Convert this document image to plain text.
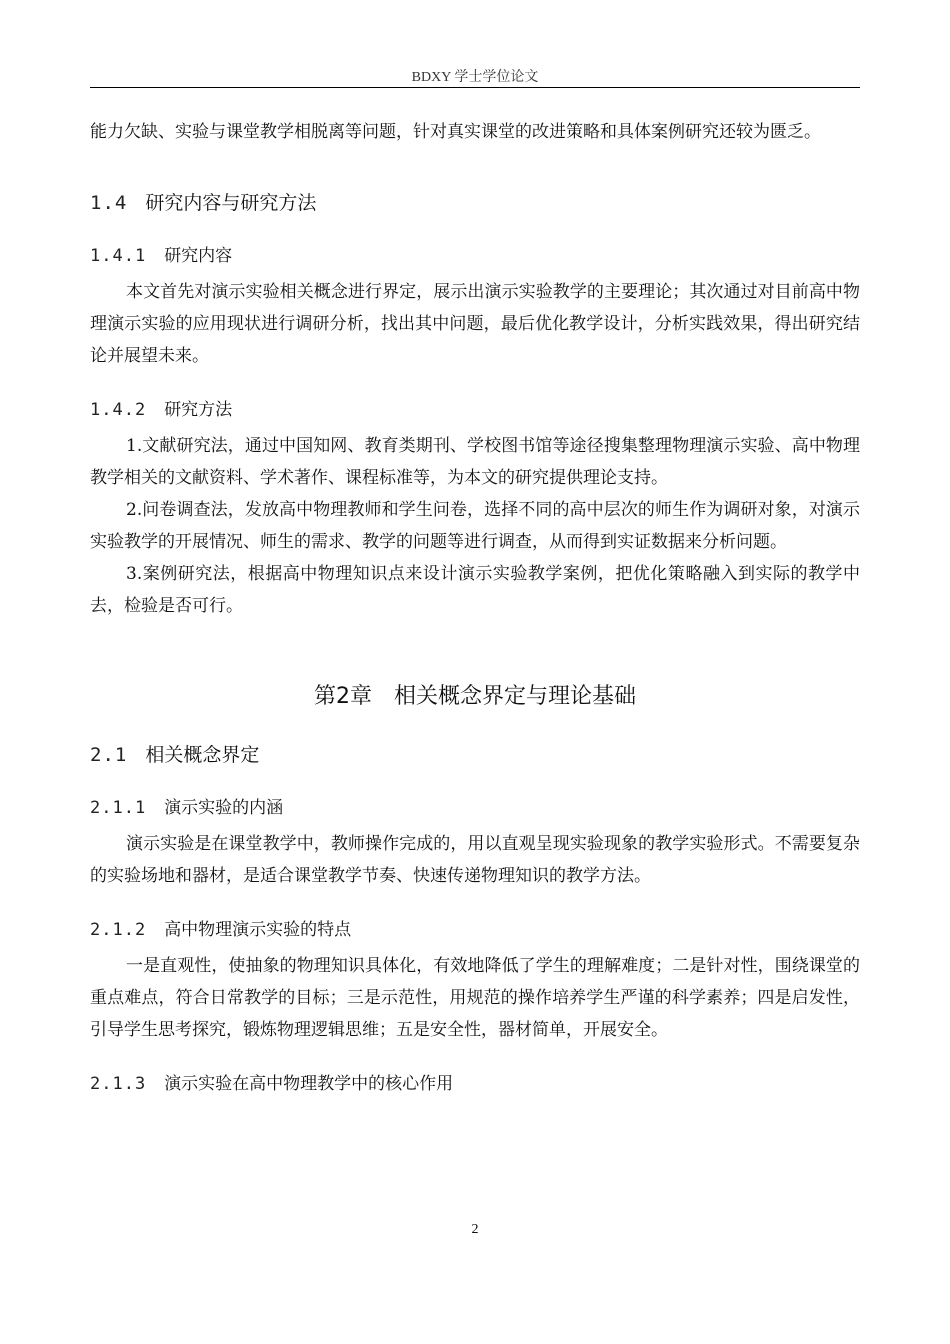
BDXY 学士学位论文

能力欠缺、实验与课堂教学相脱离等问题，针对真实课堂的改进策略和具体案例研究还较为匮乏。

1.4 研究内容与研究方法
1.4.1 研究内容

本文首先对演示实验相关概念进行界定，展示出演示实验教学的主要理论；其次通过对目前高中物理演示实验的应用现状进行调研分析，找出其中问题，最后优化教学设计，分析实践效果，得出研究结论并展望未来。

1.4.2 研究方法

1.文献研究法，通过中国知网、教育类期刊、学校图书馆等途径搜集整理物理演示实验、高中物理教学相关的文献资料、学术著作、课程标准等，为本文的研究提供理论支持。

2.问卷调查法，发放高中物理教师和学生问卷，选择不同的高中层次的师生作为调研对象，对演示实验教学的开展情况、师生的需求、教学的问题等进行调查，从而得到实证数据来分析问题。

3.案例研究法，根据高中物理知识点来设计演示实验教学案例，把优化策略融入到实际的教学中去，检验是否可行。

第2章 相关概念界定与理论基础
2.1 相关概念界定
2.1.1 演示实验的内涵

演示实验是在课堂教学中，教师操作完成的，用以直观呈现实验现象的教学实验形式。不需要复杂的实验场地和器材，是适合课堂教学节奏、快速传递物理知识的教学方法。

2.1.2 高中物理演示实验的特点

一是直观性，使抽象的物理知识具体化，有效地降低了学生的理解难度；二是针对性，围绕课堂的重点难点，符合日常教学的目标；三是示范性，用规范的操作培养学生严谨的科学素养；四是启发性，引导学生思考探究，锻炼物理逻辑思维；五是安全性，器材简单，开展安全。

2.1.3 演示实验在高中物理教学中的核心作用
2
